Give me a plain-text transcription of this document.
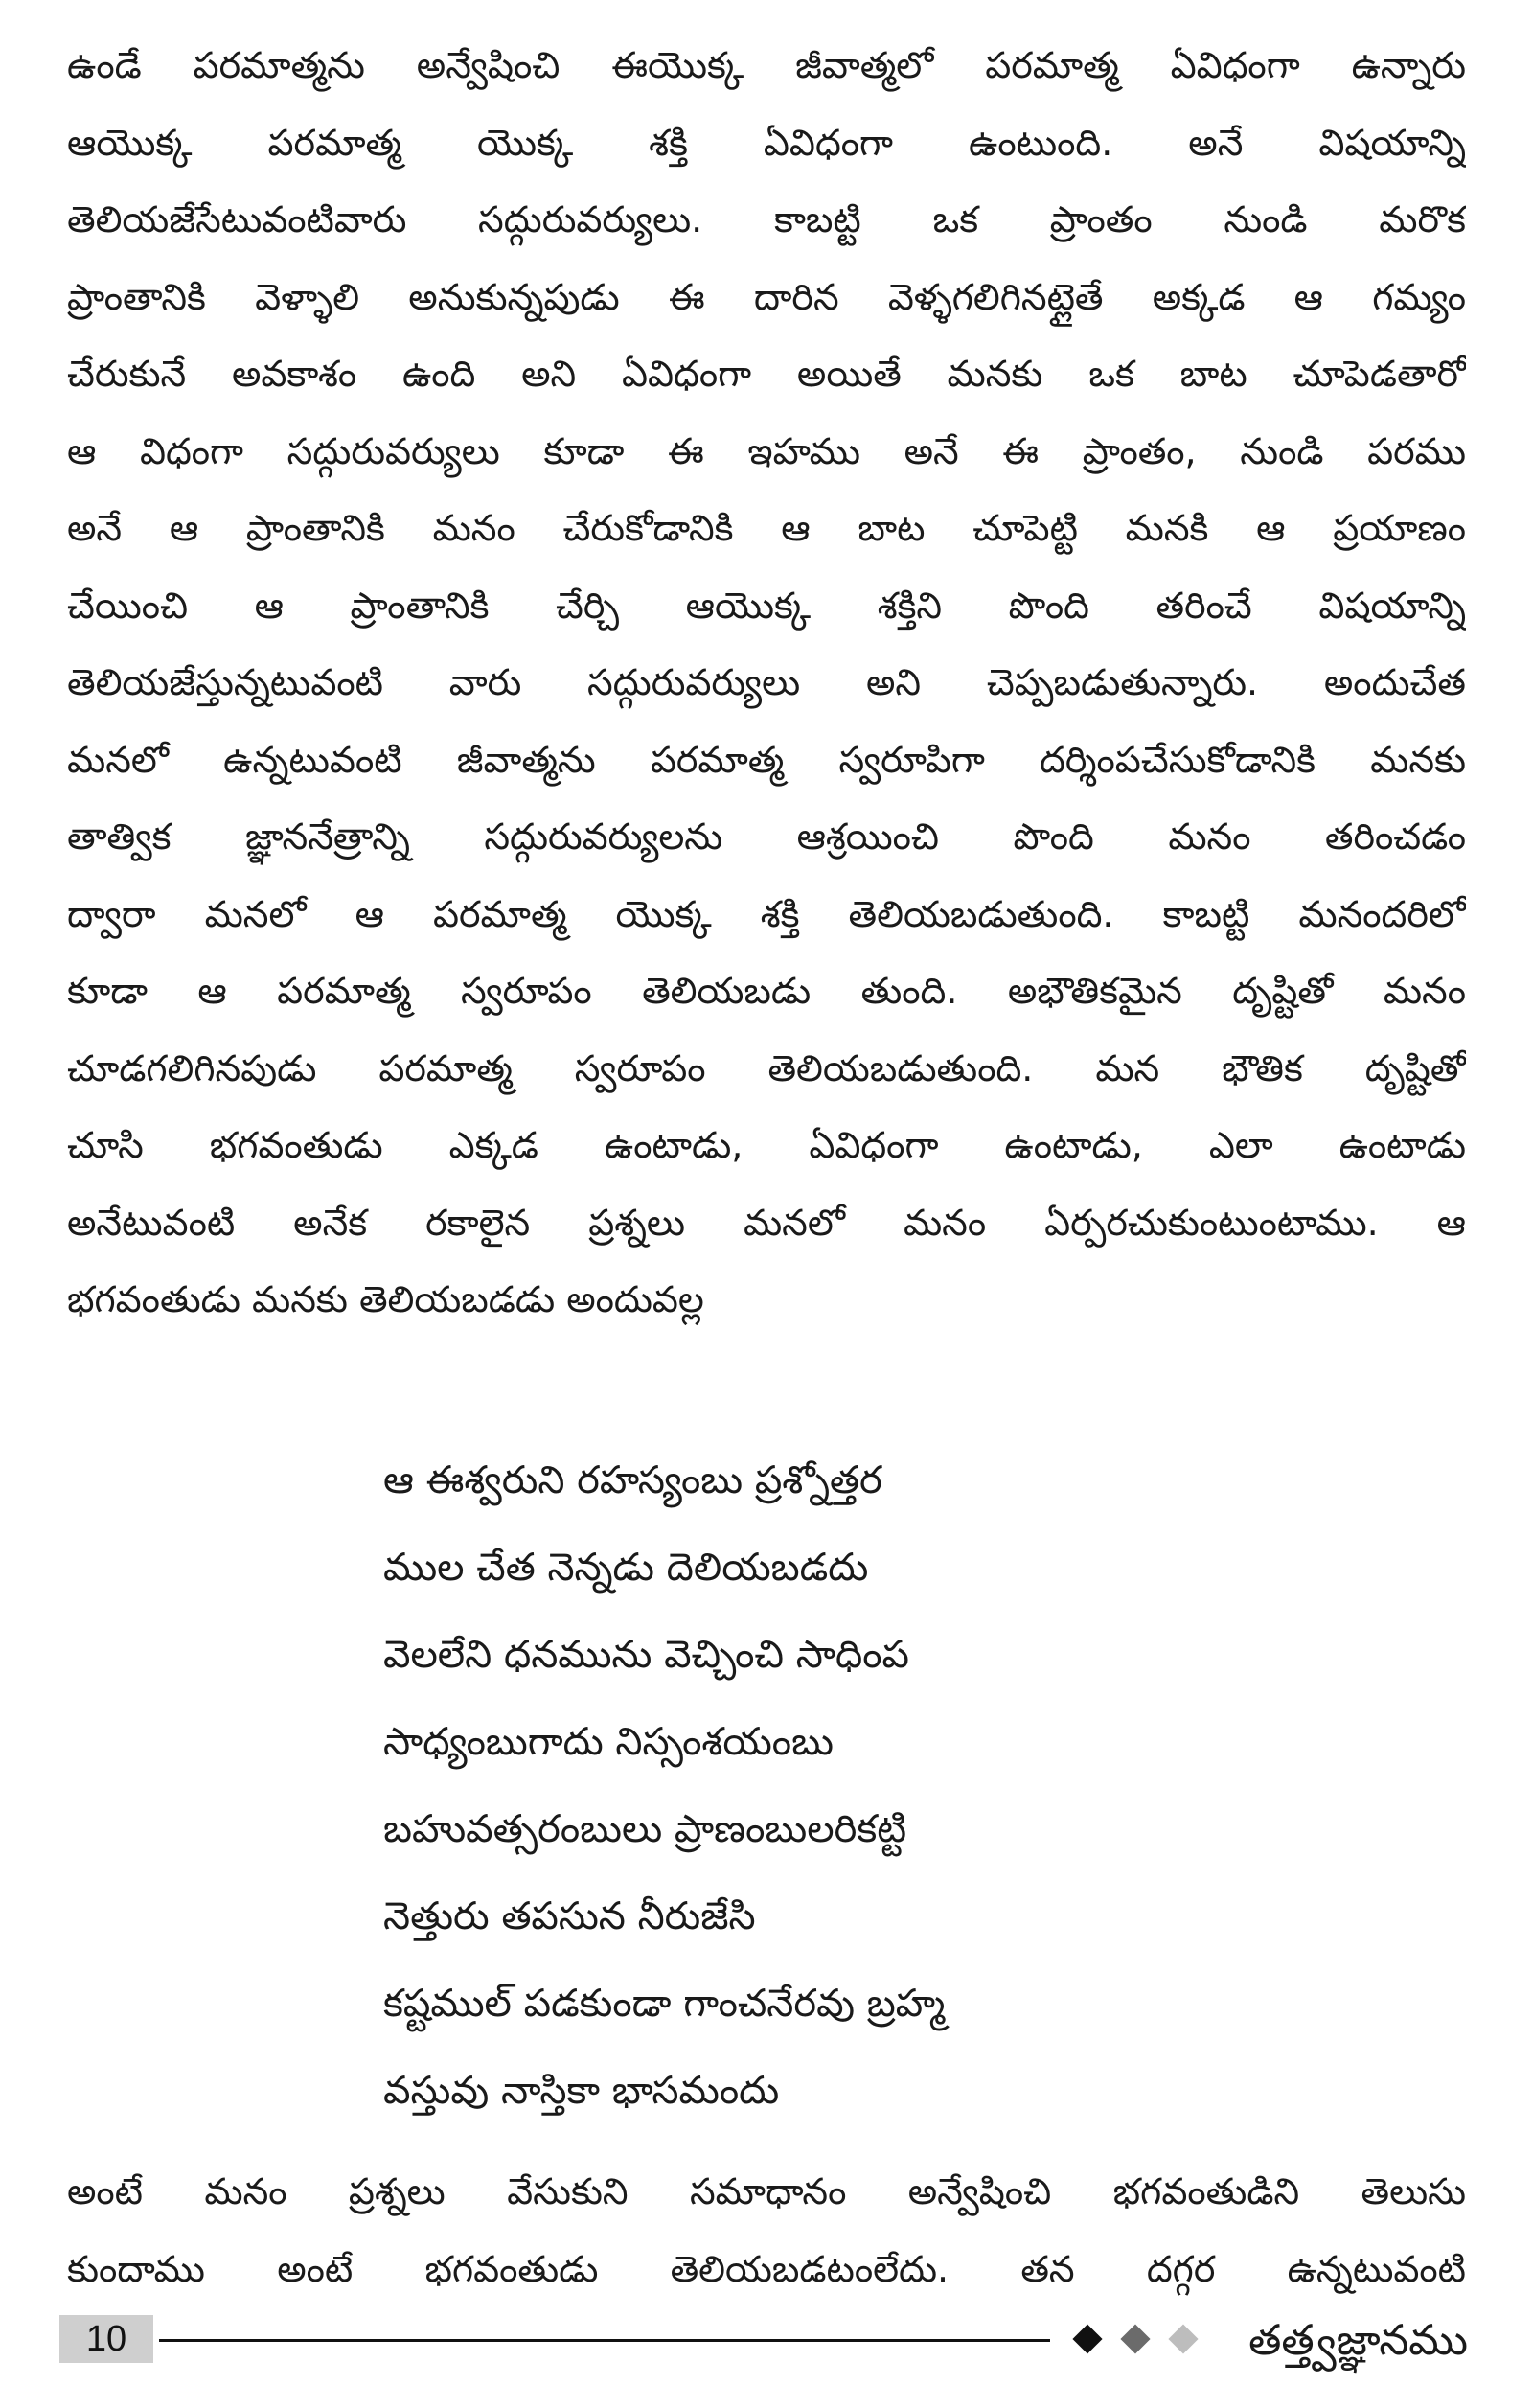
ఉండే పరమాత్మను అన్వేషించి ఈయొక్క జీవాత్మలో పరమాత్మ ఏవిధంగా ఉన్నారు
ఆయొక్క పరమాత్మ యొక్క శక్తి ఏవిధంగా ఉంటుంది. అనే విషయాన్ని
తెలియజేసేటువంటివారు సద్గురువర్యులు. కాబట్టి ఒక ప్రాంతం నుండి మరొక
ప్రాంతానికి వెళ్ళాలి అనుకున్నపుడు ఈ దారిన వెళ్ళగలిగినట్లైతే అక్కడ ఆ గమ్యం
చేరుకునే అవకాశం ఉంది అని ఏవిధంగా అయితే మనకు ఒక బాట చూపెడతారో
ఆ విధంగా సద్గురువర్యులు కూడా ఈ ఇహము అనే ఈ ప్రాంతం, నుండి పరము
అనే ఆ ప్రాంతానికి మనం చేరుకోడానికి ఆ బాట చూపెట్టి మనకి ఆ ప్రయాణం
చేయించి ఆ ప్రాంతానికి చేర్చి ఆయొక్క శక్తిని పొంది తరించే విషయాన్ని
తెలియజేస్తున్నటువంటి వారు సద్గురువర్యులు అని చెప్పబడుతున్నారు. అందుచేత
మనలో ఉన్నటువంటి జీవాత్మను పరమాత్మ స్వరూపిగా దర్శింపచేసుకోడానికి మనకు
తాత్విక జ్ఞాననేత్రాన్ని సద్గురువర్యులను ఆశ్రయించి పొంది మనం తరించడం
ద్వారా మనలో ఆ పరమాత్మ యొక్క శక్తి తెలియబడుతుంది. కాబట్టి మనందరిలో
కూడా ఆ పరమాత్మ స్వరూపం తెలియబడు తుంది. అభౌతికమైన దృష్టితో మనం
చూడగలిగినపుడు పరమాత్మ స్వరూపం తెలియబడుతుంది. మన భౌతిక దృష్టితో
చూసి భగవంతుడు ఎక్కడ ఉంటాడు, ఏవిధంగా ఉంటాడు, ఎలా ఉంటాడు
అనేటువంటి అనేక రకాలైన ప్రశ్నలు మనలో మనం ఏర్పరచుకుంటుంటాము. ఆ
భగవంతుడు మనకు తెలియబడడు అందువల్ల
ఆ ఈశ్వరుని రహస్యంబు ప్రశ్నోత్తర
ముల చేత నెన్నడు దెలియబడదు
వెలలేని ధనమును వెచ్చించి సాధింప
సాధ్యంబుగాదు నిస్సంశయంబు
బహువత్సరంబులు ప్రాణంబులరికట్టి
నెత్తురు తపసున నీరుజేసి
కష్టముల్ పడకుండా గాంచనేరవు బ్రహ్మ
వస్తువు నాస్తికా భాసమందు
అంటే మనం ప్రశ్నలు వేసుకుని సమాధానం అన్వేషించి భగవంతుడిని తెలుసు
కుందాము అంటే భగవంతుడు తెలియబడటంలేదు. తన దగ్గర ఉన్నటువంటి
10	తత్త్వజ్ఞానము
